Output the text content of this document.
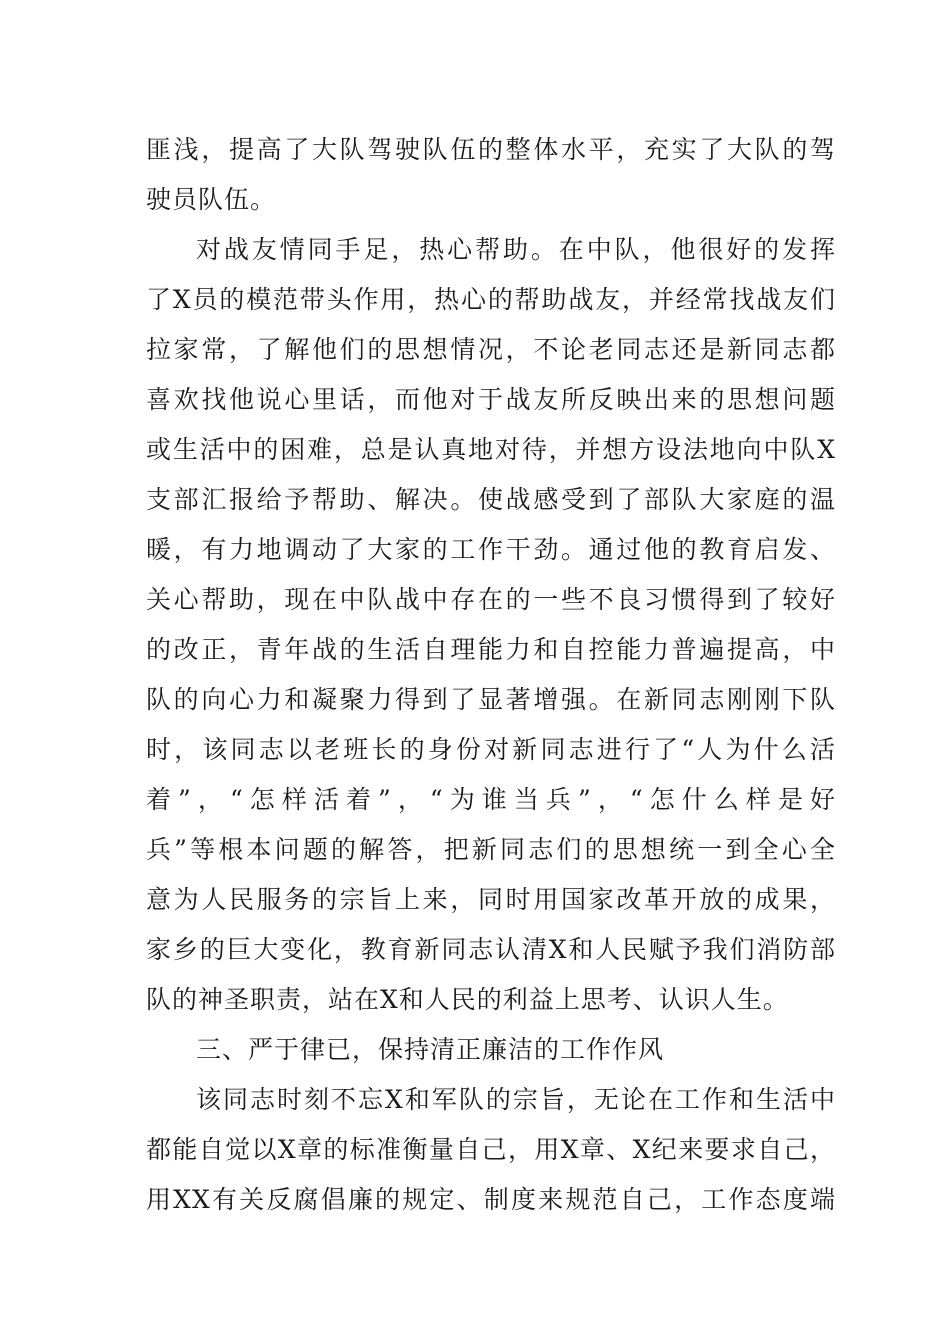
匪浅，提高了大队驾驶队伍的整体水平，充实了大队的驾
驶员队伍。
对战友情同手足，热心帮助。在中队，他很好的发挥
了X员的模范带头作用，热心的帮助战友，并经常找战友们
拉家常，了解他们的思想情况，不论老同志还是新同志都
喜欢找他说心里话，而他对于战友所反映出来的思想问题
或生活中的困难，总是认真地对待，并想方设法地向中队X
支部汇报给予帮助、解决。使战感受到了部队大家庭的温
暖，有力地调动了大家的工作干劲。通过他的教育启发、
关心帮助，现在中队战中存在的一些不良习惯得到了较好
的改正，青年战的生活自理能力和自控能力普遍提高，中
队的向心力和凝聚力得到了显著增强。在新同志刚刚下队
时，该同志以老班长的身份对新同志进行了“人为什么活
着”，“怎样活着”，“为谁当兵”，“怎什么样是好
兵”等根本问题的解答，把新同志们的思想统一到全心全
意为人民服务的宗旨上来，同时用国家改革开放的成果，
家乡的巨大变化，教育新同志认清X和人民赋予我们消防部
队的神圣职责，站在X和人民的利益上思考、认识人生。
三、严于律已，保持清正廉洁的工作作风
该同志时刻不忘X和军队的宗旨，无论在工作和生活中
都能自觉以X章的标准衡量自己，用X章、X纪来要求自己，
用XX有关反腐倡廉的规定、制度来规范自己，工作态度端
